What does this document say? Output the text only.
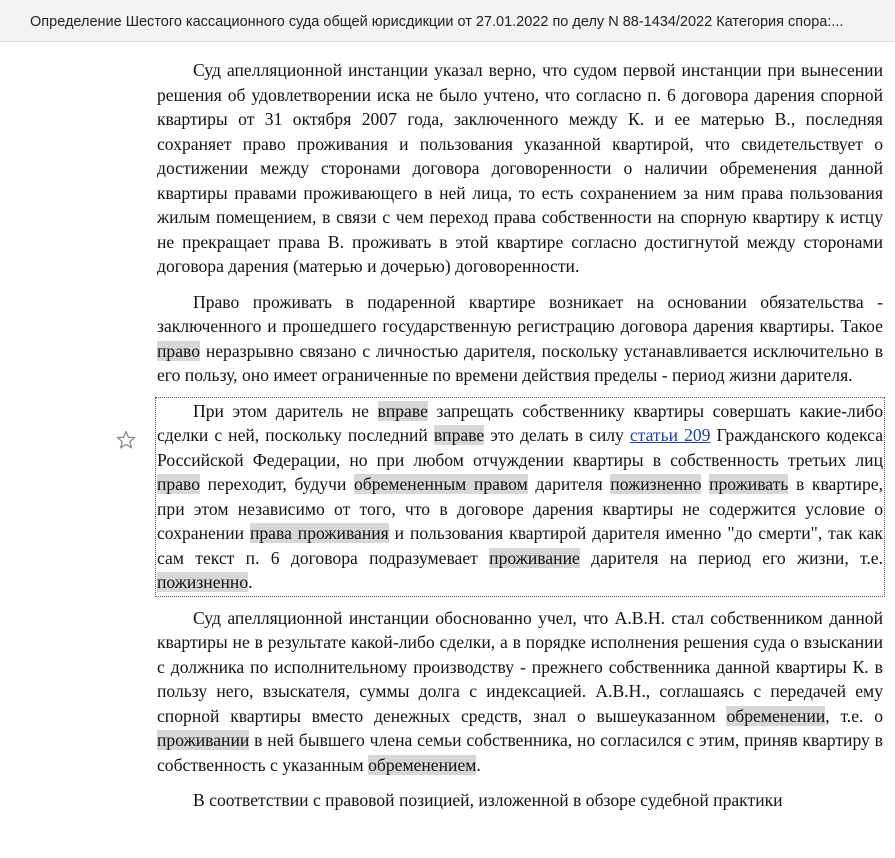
Определение Шестого кассационного суда общей юрисдикции от 27.01.2022 по делу N 88-1434/2022 Категория спора:...

Суд апелляционной инстанции указал верно, что судом первой инстанции при вынесении решения об удовлетворении иска не было учтено, что согласно п. 6 договора дарения спорной квартиры от 31 октября 2007 года, заключенного между К. и ее матерью В., последняя сохраняет право проживания и пользования указанной квартирой, что свидетельствует о достижении между сторонами договора договоренности о наличии обременения данной квартиры правами проживающего в ней лица, то есть сохранением за ним права пользования жилым помещением, в связи с чем переход права собственности на спорную квартиру к истцу не прекращает права В. проживать в этой квартире согласно достигнутой между сторонами договора дарения (матерью и дочерью) договоренности.

Право проживать в подаренной квартире возникает на основании обязательства - заключенного и прошедшего государственную регистрацию договора дарения квартиры. Такое право неразрывно связано с личностью дарителя, поскольку устанавливается исключительно в его пользу, оно имеет ограниченные по времени действия пределы - период жизни дарителя.

При этом даритель не вправе запрещать собственнику квартиры совершать какие-либо сделки с ней, поскольку последний вправе это делать в силу статьи 209 Гражданского кодекса Российской Федерации, но при любом отчуждении квартиры в собственность третьих лиц право переходит, будучи обремененным правом дарителя пожизненно проживать в квартире, при этом независимо от того, что в договоре дарения квартиры не содержится условие о сохранении права проживания и пользования квартирой дарителя именно "до смерти", так как сам текст п. 6 договора подразумевает проживание дарителя на период его жизни, т.е. пожизненно.

Суд апелляционной инстанции обоснованно учел, что А.В.Н. стал собственником данной квартиры не в результате какой-либо сделки, а в порядке исполнения решения суда о взыскании с должника по исполнительному производству - прежнего собственника данной квартиры К. в пользу него, взыскателя, суммы долга с индексацией. А.В.Н., соглашаясь с передачей ему спорной квартиры вместо денежных средств, знал о вышеуказанном обременении, т.е. о проживании в ней бывшего члена семьи собственника, но согласился с этим, приняв квартиру в собственность с указанным обременением.

В соответствии с правовой позицией, изложенной в обзоре судебной практики
